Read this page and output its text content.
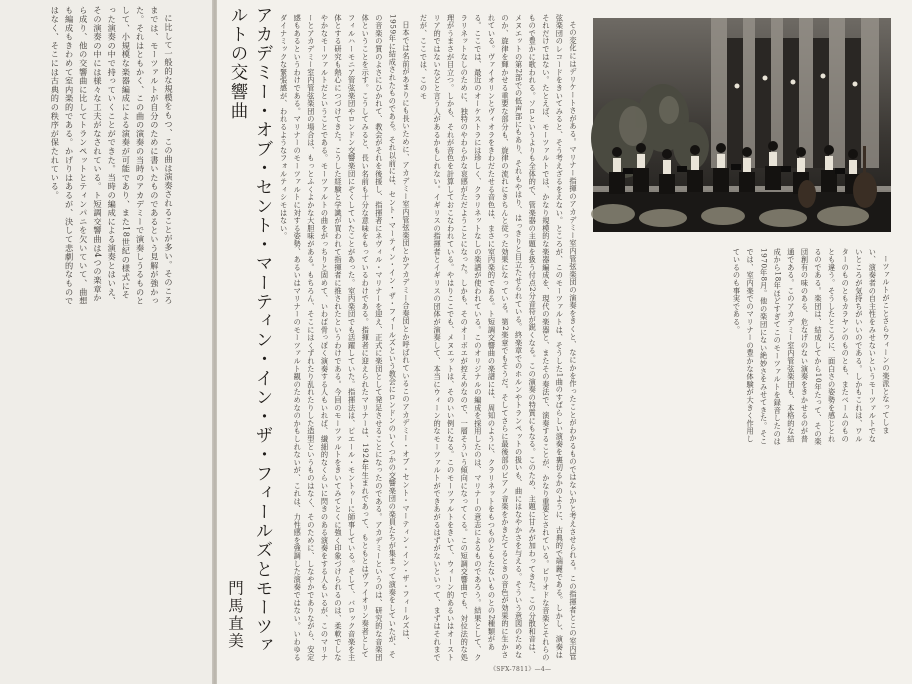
に比して一般的な規模をもつ、この曲は演奏されることが多い。そのころまでは、モーツァルトが自分のために書いたものであるという見解が強かった。それはともかく、この曲の演奏の当時のアカデミーで演奏しうるものとして、小規模な楽器編成による演奏が可能であり、また18世紀の様式にそった演奏の中で持っていくことができた。当時の編成による演奏とはいえ、その演奏の中には様々な工夫がなされている。ト短調交響曲は4つの楽章から成り、他の交響曲に比してトランペットとティンパニを欠いていて、曲想も編成もきわめて室内楽的である。かげりはあるが、決して悲劇的なものではなく、そこには古典的の秩序が保たれている。	アカデミー・オブ・セント・マーティン・イン・ザ・フィールズとモーツァルトの交響曲
門馬直美	日本では名前があまりにも長いために、アカデミー室内管弦楽団とかアカデミー合奏団とか呼ばれているこのアカデミー・オブ・セント・マーティン・イン・ザ・フィールズは、1959年に結成されたものである。それ以前には、セント・マーティン・イン・ザ・フィールズという教会にロンドンのいくつかの交響楽団の楽員たちが集まって演奏をしていたが、その音楽の質のよさにひかれて、教会がそれを後援し、指揮者にネヴィル・マリナーを迎え、正式に楽団として発足させることになったのである。アカデミーというのは、研究的な音楽団体ということを示す。こうしてみると、長い名前も十分な意味をもっているわけである。指揮者に迎えられたマリナーは、1924年生まれであって、もともとはヴァイオリン奏者としてフィルハーモニア管弦楽団やロンドン交響楽団にぞくしていたことがあった。室内楽団でも活躍していた。指揮法は、ピエール・モントゥーに師事している。そして、バロック音楽を主体とする研究も熱心につづけてきた。こうした経験と学識が買われて指揮者に推されたというわけである。今回のモーツァルトをきいてみてとくに強く印象づけられるのは、柔軟でしなやかなモーツァルトだということである。モーツァルトの曲をがっちりと固めて、いわば骨っぽく演奏する人もいれば、繊細的なくらいに閃きのある演奏をする人もいるが、このマリナーとアカデミー室内管弦楽団の場合は、もっとふくよかな大胆味がある。もちろん、そこにはくずれたり乱れたりした造型というものはなく、そのために、しなやかでありながら、安定感もあるというわけである。マリナーのモーツァルトに対する姿勢、あるいはマリナーのモーツァルト観のためなのかもしれないが、これは、力性感を強調した演奏ではない。いわゆるダイナミックな緊張感が、われるようなフォルティシモはない。	その変化にはデリケートさがある。マリナー指揮のアカデミー室内管弦楽団の演奏をきくと、なにかを作ったことがわかるものではないかと考えさせられる。この指揮者とこの室内管弦楽団のレコードをきいてみると、そう考えざるをえない。ところが、このモーツァルトは、そうした1曲のすばらしい演奏を裏切るかのように、古典的で端麗である。しかし、演奏はそれだけではない。たとえば、モーツァルトでは、かなり規模的な楽器編成を、現代の楽器と、またその奏法で、演奏することが、かなり重要とされている。ピリオドな音楽とそれらのもので豊かに歌われる。ソロというよりも全体的で、管楽器の主題を扱う付点2分音符が鋭くなる。この演奏の特質にもなる。このため、主題に甘みが加わってきた。この分散和音は、メヌエットの第2部での低声部にもあり、それもやはり、はっきりと目立たせられている。終楽章でのホルンやトランペットの扱いも、曲にはなやかさを与える。そういう意図のためなのか、旋律を輝かせる重要な部分も、旋律の流れにきちんと従った効果になっている。第2楽章でもそうだ。そしてさらに最後部のピアノ音楽をかきたてるときの音色が効果的に生かされている。ヴァイオリンとヴィオラをきわだたせる音色は、まさに室内楽的である。ト短調交響曲の楽譜には、周知のように、クラリネットをもつものともたないものとの2種類がある。ここでは、最近のオーケストラには珍しく、クラリネットなしの楽譜が使われている。このオリジナルの編成を採用したのは、マリナーの意志によるものであろう。結果として、クラリネットなしのために、独特のやわらかな哀感がただようことになった。しかも、そのオーボエが控えめなので、一層そういう傾向になってくる。この短調交響曲でも、対位法的な処理がうまさが目立つ。しかも、それが音色を計算しておこなわれている。やはりここでも、メヌエットは、そのいい例になる。このモーツァルトをきいて、ウィーン的あるいはオーストリア的ではないなどと言う人があるかもしれない。イギリスの指揮者とイギリスの団体が演奏して、本当にウィーン的なモーツァルトができあがるはずがないといって、まずはそれまでだが、ここでは、このモ

ーツァルトがことさらウィーンの楽派となってしまい、演奏者の自主性をみせないというモーツァルトでないところが気持ちがいいのである。しかもこれは、ワルターのものともカラヤンのものとも、またベームのものとも違う。そうしたところに、面白さの姿勢を感じとれるのである。楽団は、結成してから10年たって、その楽団創有の味のある、危なげのない演奏をきかせるのが普通である。このアカデミー室内管弦楽団も、本格的な結成から18年ほどすぎてこのモーツァルトを録音したのは1970年8月。他の楽団にない絶妙さをみせてきた。そこでは、室内楽でのマリナーの豊かな体験が大きく作用しているのも事実である。

《SFX-7811》—4—
